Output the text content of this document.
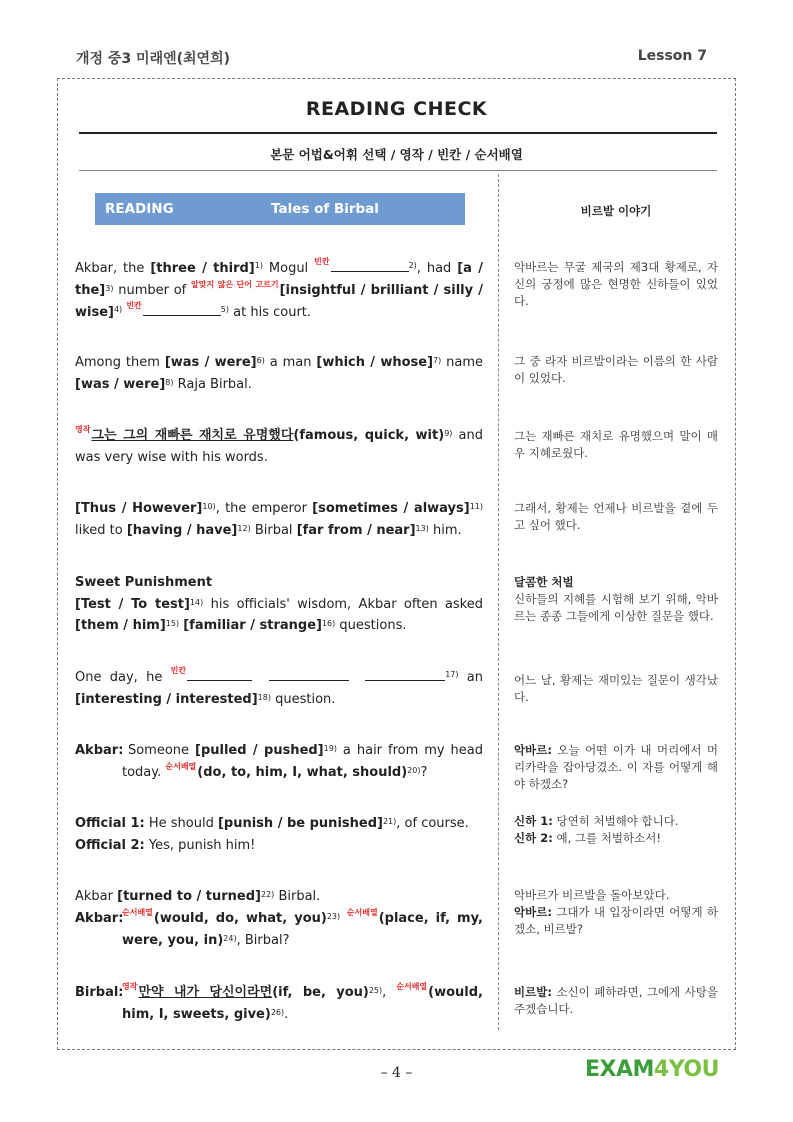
개정 중3 미래엔(최연희)	Lesson 7
READING CHECK
본문 어법&어휘 선택 / 영작 / 빈칸 / 순서배열
READING	Tales of Birbal	비르발 이야기
Akbar, the [three / third]$^{1)}$ Mogul $^{빈칸}$	$^{2)}$, had [a / the]$^{3)}$ number of $^{알맞지 않은 단어 고르기}$[insightful / brilliant / silly / wise]$^{4)}$ $^{빈칸}$	$^{5)}$ at his court.
악바르는 무굴 제국의 제3대 황제로, 자신의 궁정에 많은 현명한 신하들이 있었다.
Among them [was / were]$^{6)}$ a man [which / whose]$^{7)}$ name [was / were]$^{8)}$ Raja Birbal.
그 중 라자 비르발이라는 이름의 한 사람이 있었다.
$^{영작}$그는 그의 재빠른 재치로 유명했다(famous, quick, wit)$^{9)}$ and was very wise with his words.
그는 재빠른 재치로 유명했으며 말이 매우 지혜로웠다.
[Thus / However]$^{10)}$, the emperor [sometimes / always]$^{11)}$ liked to [having / have]$^{12)}$ Birbal [far from / near]$^{13)}$ him.
그래서, 황제는 언제나 비르발을 곁에 두고 싶어 했다.
Sweet Punishment
[Test / To test]$^{14)}$ his officials' wisdom, Akbar often asked [them / him]$^{15)}$ [familiar / strange]$^{16)}$ questions.
달콤한 처벌
신하들의 지혜를 시험해 보기 위해, 악바르는 종종 그들에게 이상한 질문을 했다.
One day, he $^{빈칸}$	$^{17)}$ an [interesting / interested]$^{18)}$ question.
어느 날, 황제는 재미있는 질문이 생각났다.
Akbar: Someone [pulled / pushed]$^{19)}$ a hair from my head today. $^{순서배열}$(do, to, him, I, what, should)$^{20)}$?
악바르: 오늘 어떤 이가 내 머리에서 머리카락을 잡아당겼소. 이 자를 어떻게 해야 하겠소?
Official 1: He should [punish / be punished]$^{21)}$, of course.
Official 2: Yes, punish him!
신하 1: 당연히 처벌해야 합니다.
신하 2: 예, 그를 처벌하소서!
Akbar [turned to / turned]$^{22)}$ Birbal.
Akbar:$^{순서배열}$(would, do, what, you)$^{23)}$ $^{순서배열}$(place, if, my, were, you, in)$^{24)}$, Birbal?
악바르가 비르발을 돌아보았다.
악바르: 그대가 내 입장이라면 어떻게 하겠소, 비르발?
Birbal:$^{영작}$만약 내가 당신이라면(if, be, you)$^{25)}$, $^{순서배열}$(would, him, I, sweets, give)$^{26)}$.
비르발: 소신이 폐하라면, 그에게 사탕을 주겠습니다.
– 4 –	EXAM4YOU
